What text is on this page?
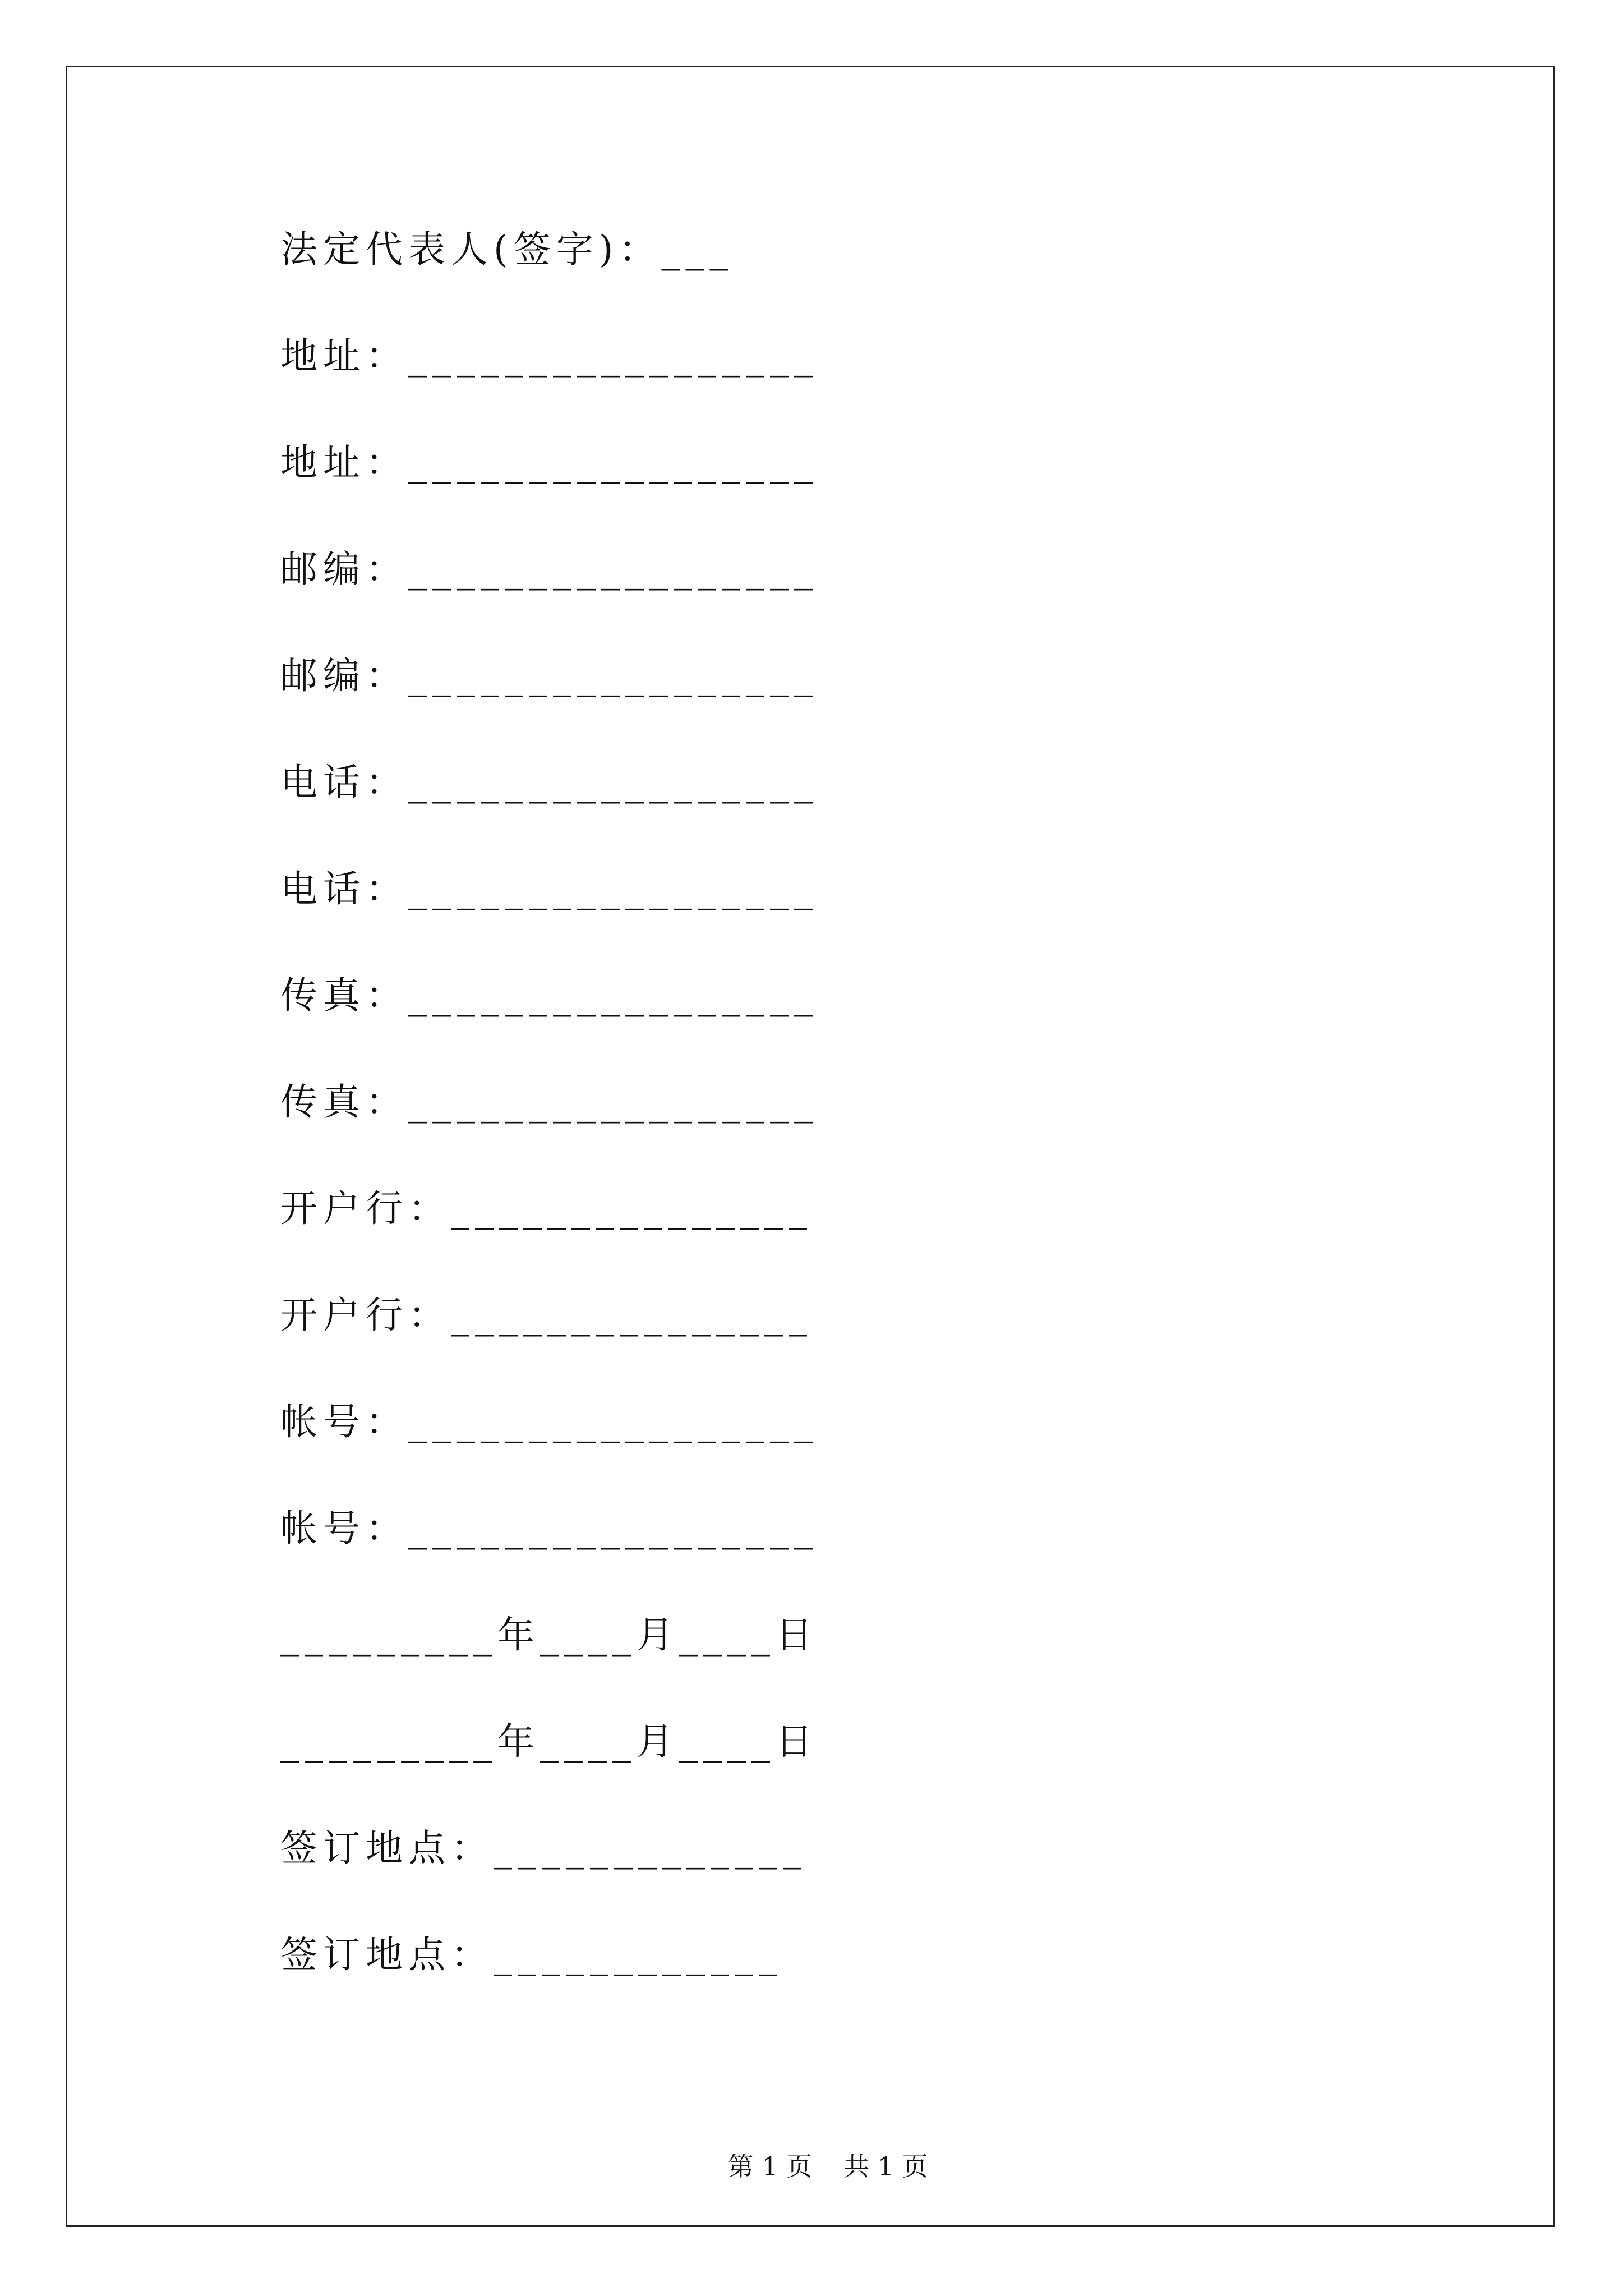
法定代表人(签字)：___
地址：_________________
地址：_________________
邮编：_________________
邮编：_________________
电话：_________________
电话：_________________
传真：_________________
传真：_________________
开户行：_______________
开户行：_______________
帐号：_________________
帐号：_________________
_________年____月____日
_________年____月____日
签订地点：_____________
签订地点：____________

第 1 页 共 1 页
